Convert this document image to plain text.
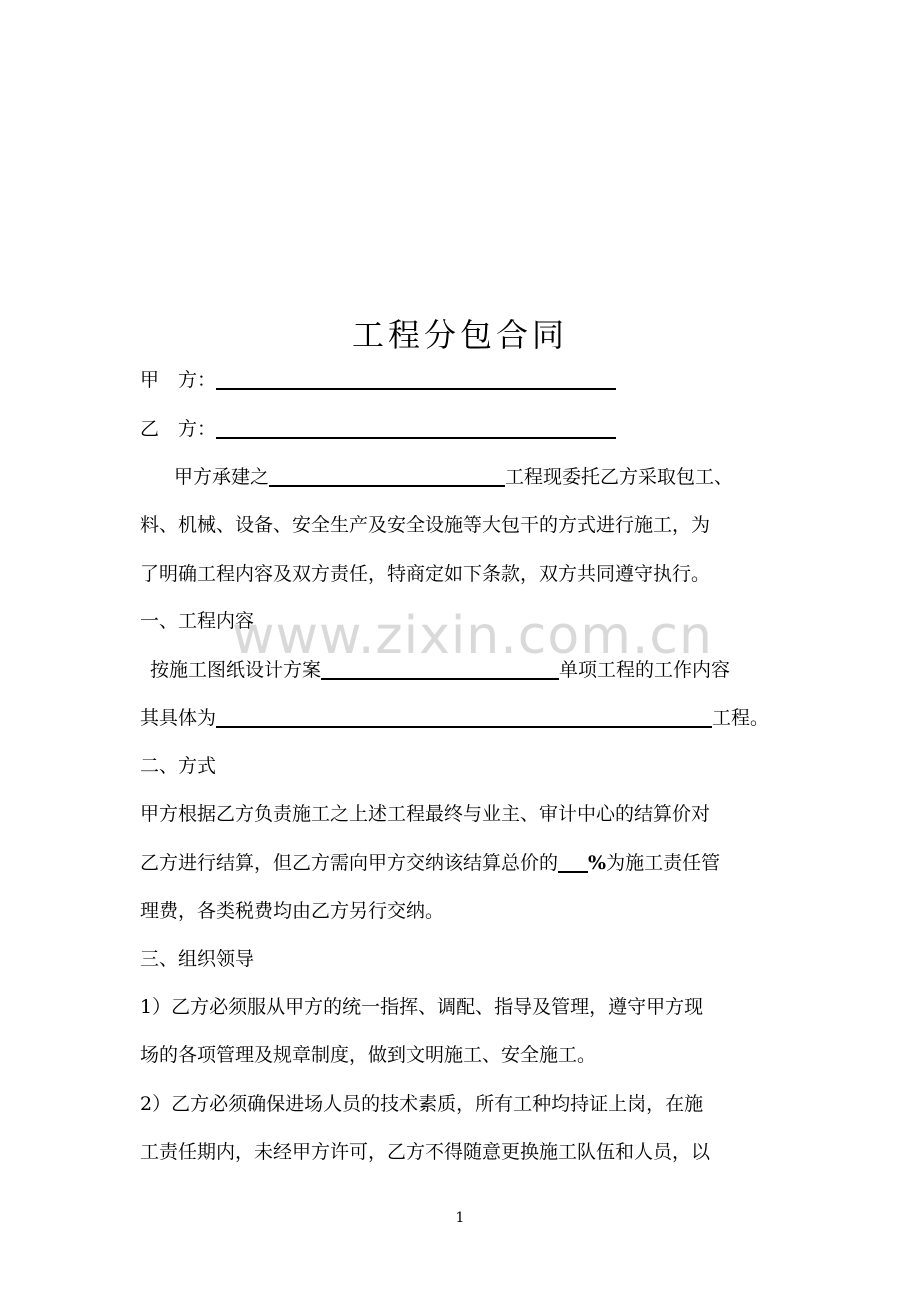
工程分包合同
甲　方：
乙　方：
甲方承建之	工程现委托乙方采取包工、
料、机械、设备、安全生产及安全设施等大包干的方式进行施工，为
了明确工程内容及双方责任，特商定如下条款，双方共同遵守执行。
一、工程内容
按施工图纸设计方案	单项工程的工作内容
其具体为	工程。
二、方式
甲方根据乙方负责施工之上述工程最终与业主、审计中心的结算价对
乙方进行结算，但乙方需向甲方交纳该结算总价的 %为施工责任管
理费，各类税费均由乙方另行交纳。
三、组织领导
1）乙方必须服从甲方的统一指挥、调配、指导及管理，遵守甲方现
场的各项管理及规章制度，做到文明施工、安全施工。
2）乙方必须确保进场人员的技术素质，所有工种均持证上岗，在施
工责任期内，未经甲方许可，乙方不得随意更换施工队伍和人员，以
www.zixin.com.cn
1
